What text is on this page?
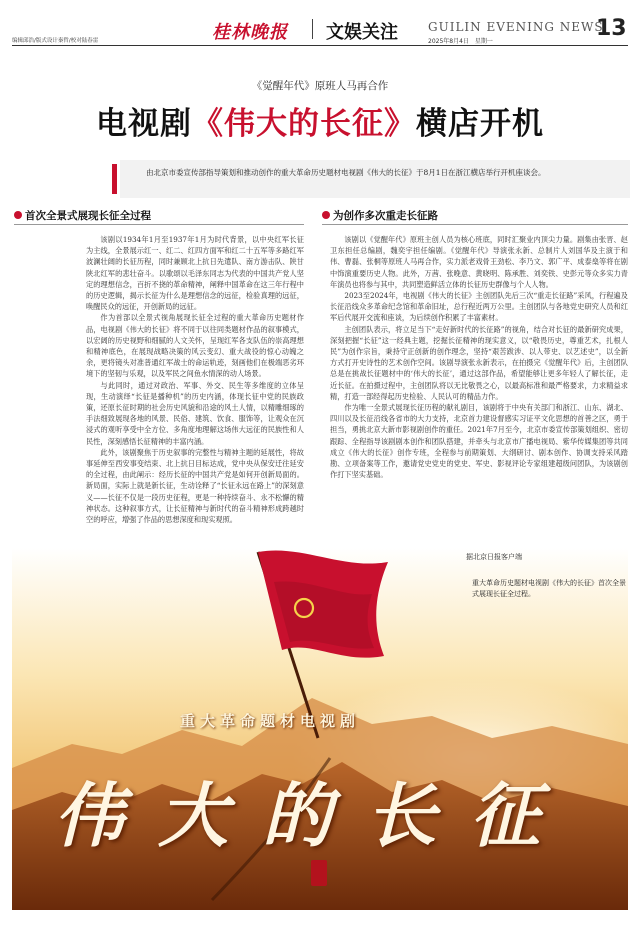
编辑邱浩/版式设计秦哲/校对陆春雷	桂林晚报 文娱关注	GUILIN EVENING NEWS
2025年8月4日　星期一
13
《觉醒年代》原班人马再合作
电视剧《伟大的长征》横店开机

由北京市委宣传部指导策划和推动创作的重大革命历史题材电视剧《伟大的长征》于8月1日在浙江横店举行开机座谈会。

首次全景式展现长征全过程

该剧以1934年1月至1937年1月为时代背景，以中央红军长征为主线，全景展示红一、红二、红四方面军和红二十五军等多路红军波澜壮阔的长征历程，同时兼顾北上抗日先遣队、南方游击队、陕甘陕北红军的悲壮奋斗。以歌颂以毛泽东同志为代表的中国共产党人坚定的理想信念，百折不挠的革命精神，阐释中国革命在这三年行程中的历史逻辑，揭示长征为什么是理想信念的远征，检验真理的远征，唤醒民众的远征，开创新局的远征。

作为首部以全景式视角展现长征全过程的重大革命历史题材作品，电视剧《伟大的长征》将不同于以往同类题材作品的叙事模式，以宏阔的历史视野和细腻的人文关怀，呈现红军各支队伍的崇高理想和精神底色，在展现战略决策的风云变幻、重大战役的惊心动魄之余，更将镜头对准普通红军战士的命运轨迹，刻画他们在极端恶劣环境下的坚韧与乐观，以及军民之间鱼水情深的动人场景。

与此同时，通过对政治、军事、外交、民生等多维度的立体呈现，生动演绎“长征是播种机”的历史内涵，体现长征中党的民族政策，还原长征时期的社会历史风貌和沿途的风土人情，以精雕细琢的手法细致展现各地的风景、民俗、建筑、饮食、服饰等，让观众在沉浸式的观听享受中全方位、多角度地理解这场伟大远征的民族性和人民性，深刻感悟长征精神的丰富内涵。

此外，该剧聚焦于历史叙事的完整性与精神主题的延展性，将故事延伸至西安事变结束、北上抗日目标达成，党中央从保安迁往延安的全过程，由此阐示：经历长征的中国共产党是如何开创新局面的。新局面，实际上就是新长征，生动诠释了“长征永远在路上”的深刻意义——长征不仅是一段历史征程，更是一种持续奋斗、永不松懈的精神状态。这种叙事方式，让长征精神与新时代的奋斗精神形成跨越时空的呼应，增强了作品的思想深度和现实观照。

为创作多次重走长征路

该剧以《觉醒年代》原班主创人员为核心班底，同时汇聚业内顶尖力量。剧集由张晋、赵卫东担任总编剧，魏奕宇担任编剧。《觉醒年代》导演张永新、总制片人刘国华及主演于和伟、曹磊、张桐等原班人马再合作，实力派老戏骨王劲松、李乃文、郭广平、成泰燊等将在剧中饰演重要历史人物。此外，万茜、张晚意、黄晓明、陈承胜、刘奕铁、史彭元等众多实力青年演员也将参与其中，共同塑造鲜活立体的长征历史群像与个人人物。

2023至2024年，电视剧《伟大的长征》主创团队先后三次“重走长征路”采风，行程遍及长征沿线众多革命纪念馆和革命旧址，总行程近两万公里。主创团队与各地党史研究人员和红军后代展开交流和座谈，为后续创作积累了丰富素材。

主创团队表示，将立足当下“走好新时代的长征路”的视角，结合对长征的最新研究成果，深刻把握“长征”这一经典主题，挖掘长征精神的现实意义，以“敬畏历史，尊重艺术，扎根人民”为创作宗旨，秉持守正创新的创作理念，坚持“艰苦跋涉、以人带史、以艺述史”，以全新方式打开史诗性的艺术创作空间。该剧导演张永新表示，在拍摄完《觉醒年代》后，主创团队总是在挑战长征题材中的‘伟大的长征’，通过这部作品，希望能够让更多年轻人了解长征，走近长征。在拍摄过程中，主创团队将以无比敬畏之心，以最高标准和最严格要求，力求精益求精，打造一部经得起历史检验、人民认可的精品力作。

作为唯一全景式展现长征历程的献礼剧目，该剧将于中央有关部门和浙江、山东、湖北、四川以及长征沿线各省市的大力支持，北京首力建设督感实习证平文化思想的首善之区，勇于担当，勇挑北京大新市影视剧创作的重任。2021年7月至今，北京市委宣传部策划组织、密切跟踪、全程指导该剧剧本创作和团队搭建，并牵头与北京市广播电视局、紫华传媒集团等共同成立《伟大的长征》创作专班，全程参与前期策划、大纲研讨、剧本创作、协调支持采风踏勘、立项备案等工作，邀请党史党史的党史、军史、影视评论专家组建超级问团队，为该剧创作打下坚实基础。

重大革命题材电视剧
伟大的长征
据北京日报客户端
重大革命历史题材电视剧《伟大的长征》首次全景式展现长征全过程。
